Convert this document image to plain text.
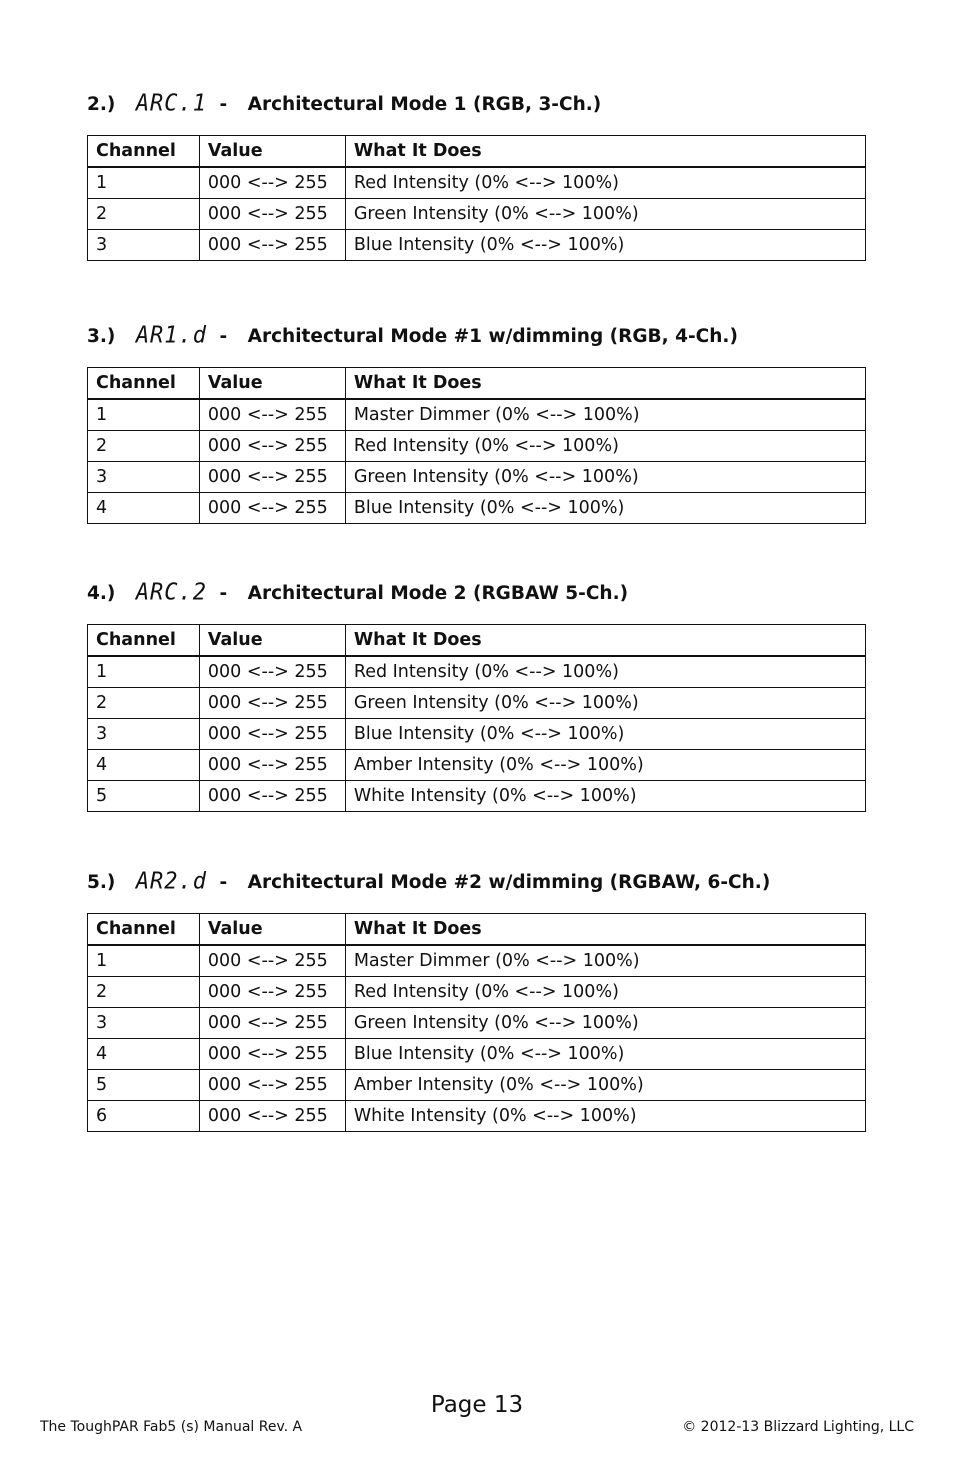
2.) ARC.1 - Architectural Mode 1 (RGB, 3-Ch.)
Channel	Value	What It Does
1	000 <--> 255	Red Intensity (0% <--> 100%)
2	000 <--> 255	Green Intensity (0% <--> 100%)
3	000 <--> 255	Blue Intensity (0% <--> 100%)
3.) AR1.d - Architectural Mode #1 w/dimming (RGB, 4-Ch.)
Channel	Value	What It Does
1	000 <--> 255	Master Dimmer (0% <--> 100%)
2	000 <--> 255	Red Intensity (0% <--> 100%)
3	000 <--> 255	Green Intensity (0% <--> 100%)
4	000 <--> 255	Blue Intensity (0% <--> 100%)
4.) ARC.2 - Architectural Mode 2 (RGBAW 5-Ch.)
Channel	Value	What It Does
1	000 <--> 255	Red Intensity (0% <--> 100%)
2	000 <--> 255	Green Intensity (0% <--> 100%)
3	000 <--> 255	Blue Intensity (0% <--> 100%)
4	000 <--> 255	Amber Intensity (0% <--> 100%)
5	000 <--> 255	White Intensity (0% <--> 100%)
5.) AR2.d - Architectural Mode #2 w/dimming (RGBAW, 6-Ch.)
Channel	Value	What It Does
1	000 <--> 255	Master Dimmer (0% <--> 100%)
2	000 <--> 255	Red Intensity (0% <--> 100%)
3	000 <--> 255	Green Intensity (0% <--> 100%)
4	000 <--> 255	Blue Intensity (0% <--> 100%)
5	000 <--> 255	Amber Intensity (0% <--> 100%)
6	000 <--> 255	White Intensity (0% <--> 100%)
Page 13
The ToughPAR Fab5 (s) Manual Rev. A	© 2012-13 Blizzard Lighting, LLC
